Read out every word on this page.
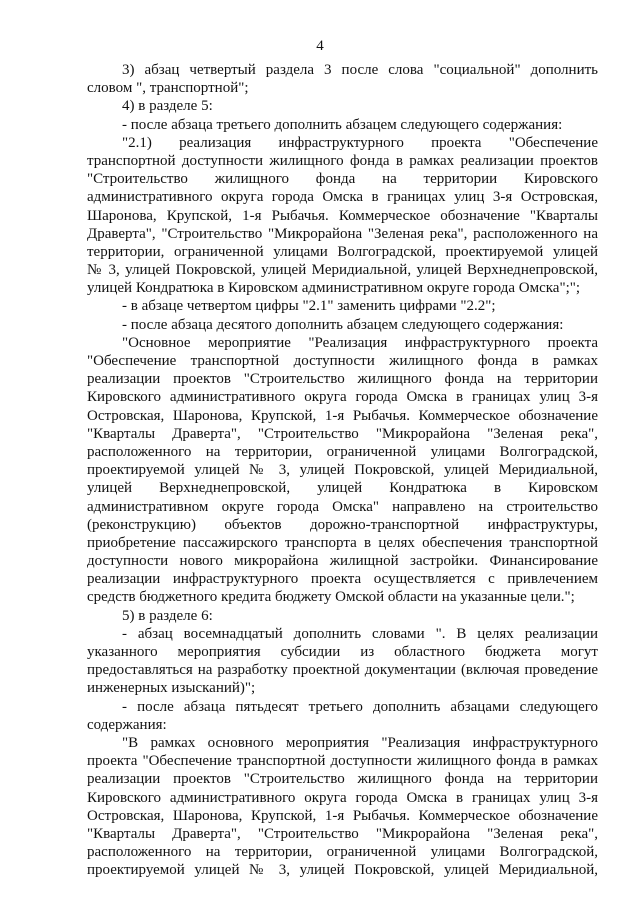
4
3) абзац четвертый раздела 3 после слова "социальной" дополнить
словом ", транспортной";
4) в разделе 5:
- после абзаца третьего дополнить абзацем следующего содержания:
"2.1) реализация инфраструктурного проекта "Обеспечение
транспортной доступности жилищного фонда в рамках реализации проектов
"Строительство жилищного фонда на территории Кировского
административного округа города Омска в границах улиц 3-я Островская,
Шаронова, Крупской, 1-я Рыбачья. Коммерческое обозначение "Кварталы
Драверта", "Строительство "Микрорайона "Зеленая река", расположенного на
территории, ограниченной улицами Волгоградской, проектируемой улицей
№ 3, улицей Покровской, улицей Меридиальной, улицей Верхнеднепровской,
улицей Кондратюка в Кировском административном округе города Омска";";
- в абзаце четвертом цифры "2.1" заменить цифрами "2.2";
- после абзаца десятого дополнить абзацем следующего содержания:
"Основное мероприятие "Реализация инфраструктурного проекта
"Обеспечение транспортной доступности жилищного фонда в рамках
реализации проектов "Строительство жилищного фонда на территории
Кировского административного округа города Омска в границах улиц 3-я
Островская, Шаронова, Крупской, 1-я Рыбачья. Коммерческое обозначение
"Кварталы Драверта", "Строительство "Микрорайона "Зеленая река",
расположенного на территории, ограниченной улицами Волгоградской,
проектируемой улицей № 3, улицей Покровской, улицей Меридиальной,
улицей Верхнеднепровской, улицей Кондратюка в Кировском
административном округе города Омска" направлено на строительство
(реконструкцию) объектов дорожно-транспортной инфраструктуры,
приобретение пассажирского транспорта в целях обеспечения транспортной
доступности нового микрорайона жилищной застройки. Финансирование
реализации инфраструктурного проекта осуществляется с привлечением
средств бюджетного кредита бюджету Омской области на указанные цели.";
5) в разделе 6:
- абзац восемнадцатый дополнить словами ". В целях реализации
указанного мероприятия субсидии из областного бюджета могут
предоставляться на разработку проектной документации (включая проведение
инженерных изысканий)";
- после абзаца пятьдесят третьего дополнить абзацами следующего
содержания:
"В рамках основного мероприятия "Реализация инфраструктурного
проекта "Обеспечение транспортной доступности жилищного фонда в рамках
реализации проектов "Строительство жилищного фонда на территории
Кировского административного округа города Омска в границах улиц 3-я
Островская, Шаронова, Крупской, 1-я Рыбачья. Коммерческое обозначение
"Кварталы Драверта", "Строительство "Микрорайона "Зеленая река",
расположенного на территории, ограниченной улицами Волгоградской,
проектируемой улицей № 3, улицей Покровской, улицей Меридиальной,
